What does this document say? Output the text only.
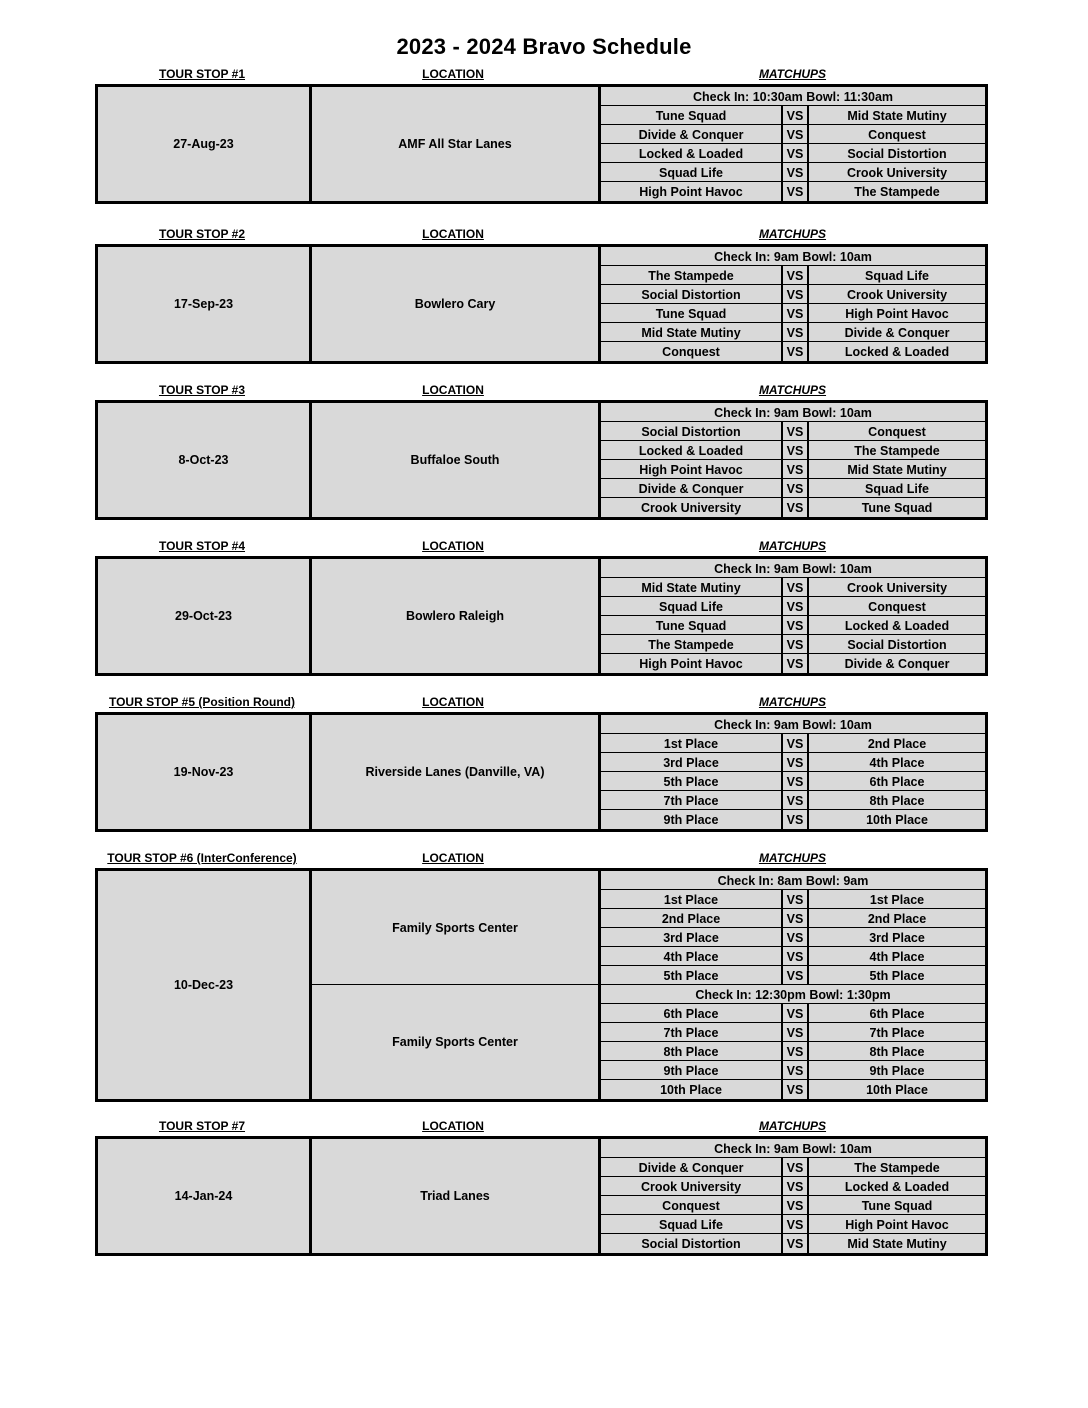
2023 - 2024 Bravo Schedule
TOUR STOP #1	LOCATION	MATCHUPS
27-Aug-23	AMF All Star Lanes
Check In: 10:30am Bowl: 11:30am
Tune Squad	VS	Mid State Mutiny
Divide & Conquer	VS	Conquest
Locked & Loaded	VS	Social Distortion
Squad Life	VS	Crook University
High Point Havoc	VS	The Stampede
TOUR STOP #2	LOCATION	MATCHUPS
17-Sep-23	Bowlero Cary
Check In: 9am Bowl: 10am
The Stampede	VS	Squad Life
Social Distortion	VS	Crook University
Tune Squad	VS	High Point Havoc
Mid State Mutiny	VS	Divide & Conquer
Conquest	VS	Locked & Loaded
TOUR STOP #3	LOCATION	MATCHUPS
8-Oct-23	Buffaloe South
Check In: 9am Bowl: 10am
Social Distortion	VS	Conquest
Locked & Loaded	VS	The Stampede
High Point Havoc	VS	Mid State Mutiny
Divide & Conquer	VS	Squad Life
Crook University	VS	Tune Squad
TOUR STOP #4	LOCATION	MATCHUPS
29-Oct-23	Bowlero Raleigh
Check In: 9am Bowl: 10am
Mid State Mutiny	VS	Crook University
Squad Life	VS	Conquest
Tune Squad	VS	Locked & Loaded
The Stampede	VS	Social Distortion
High Point Havoc	VS	Divide & Conquer
TOUR STOP #5 (Position Round)	LOCATION	MATCHUPS
19-Nov-23	Riverside Lanes (Danville, VA)
Check In: 9am Bowl: 10am
1st Place	VS	2nd Place
3rd Place	VS	4th Place
5th Place	VS	6th Place
7th Place	VS	8th Place
9th Place	VS	10th Place
TOUR STOP #6 (InterConference)	LOCATION	MATCHUPS
10-Dec-23
Family Sports Center
Check In: 8am Bowl: 9am
1st Place	VS	1st Place
2nd Place	VS	2nd Place
3rd Place	VS	3rd Place
4th Place	VS	4th Place
5th Place	VS	5th Place
Family Sports Center
Check In: 12:30pm Bowl: 1:30pm
6th Place	VS	6th Place
7th Place	VS	7th Place
8th Place	VS	8th Place
9th Place	VS	9th Place
10th Place	VS	10th Place
TOUR STOP #7	LOCATION	MATCHUPS
14-Jan-24	Triad Lanes
Check In: 9am Bowl: 10am
Divide & Conquer	VS	The Stampede
Crook University	VS	Locked & Loaded
Conquest	VS	Tune Squad
Squad Life	VS	High Point Havoc
Social Distortion	VS	Mid State Mutiny
